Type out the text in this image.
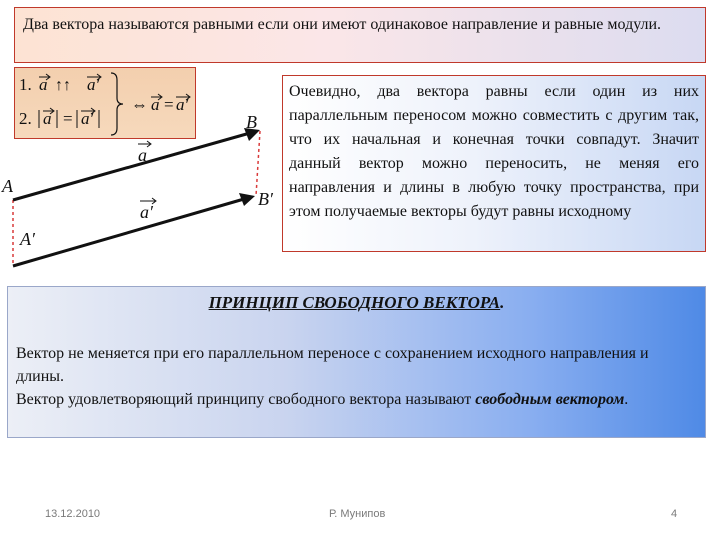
Два вектора называются равными если они имеют одинаковое направление и равные модули.
1. a ↑↑ a′
2. a = a′
⇔ a = a′
A
B
A′
B′
a
a′
Очевидно, два вектора равны если один из них параллельным переносом можно совместить с другим так, что их начальная и конечная точки совпадут. Значит данный вектор можно переносить, не меняя его направления и длины в любую точку пространства, при этом получаемые векторы будут равны исходному
ПРИНЦИП СВОБОДНОГО ВЕКТОРА.
Вектор не меняется при его параллельном переносе с сохранением исходного направления и длины.
Вектор удовлетворяющий принципу свободного вектора называют свободным вектором.
13.12.2010	Р. Мунипов	4
